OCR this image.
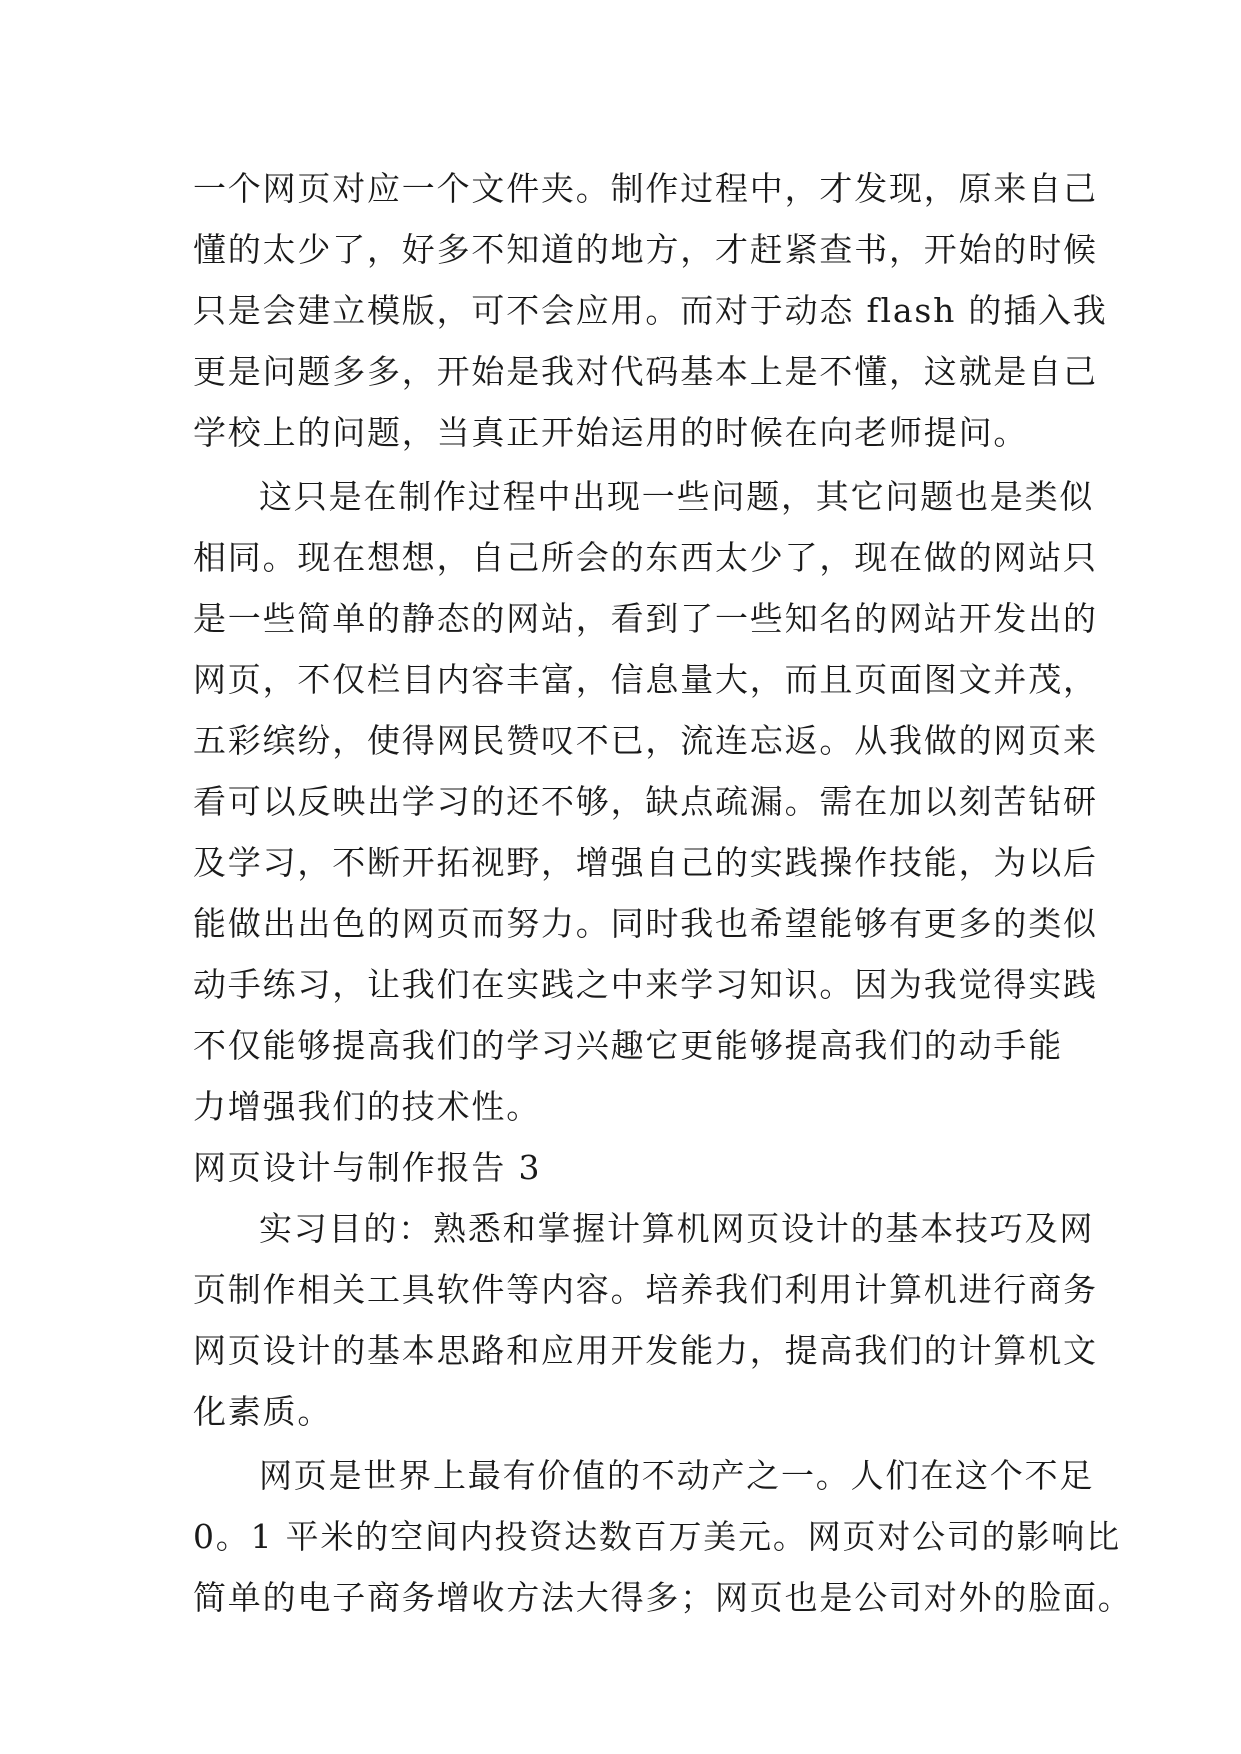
一个网页对应一个文件夹。制作过程中，才发现，原来自己
懂的太少了，好多不知道的地方，才赶紧查书，开始的时候
只是会建立模版，可不会应用。而对于动态 flash 的插入我
更是问题多多，开始是我对代码基本上是不懂，这就是自己
学校上的问题，当真正开始运用的时候在向老师提问。
这只是在制作过程中出现一些问题，其它问题也是类似
相同。现在想想，自己所会的东西太少了，现在做的网站只
是一些简单的静态的网站，看到了一些知名的网站开发出的
网页，不仅栏目内容丰富，信息量大，而且页面图文并茂，
五彩缤纷，使得网民赞叹不已，流连忘返。从我做的网页来
看可以反映出学习的还不够，缺点疏漏。需在加以刻苦钻研
及学习，不断开拓视野，增强自己的实践操作技能，为以后
能做出出色的网页而努力。同时我也希望能够有更多的类似
动手练习，让我们在实践之中来学习知识。因为我觉得实践
不仅能够提高我们的学习兴趣它更能够提高我们的动手能
力增强我们的技术性。
网页设计与制作报告 3
实习目的：熟悉和掌握计算机网页设计的基本技巧及网
页制作相关工具软件等内容。培养我们利用计算机进行商务
网页设计的基本思路和应用开发能力，提高我们的计算机文
化素质。
网页是世界上最有价值的不动产之一。人们在这个不足
0。1 平米的空间内投资达数百万美元。网页对公司的影响比
简单的电子商务增收方法大得多；网页也是公司对外的脸面。
